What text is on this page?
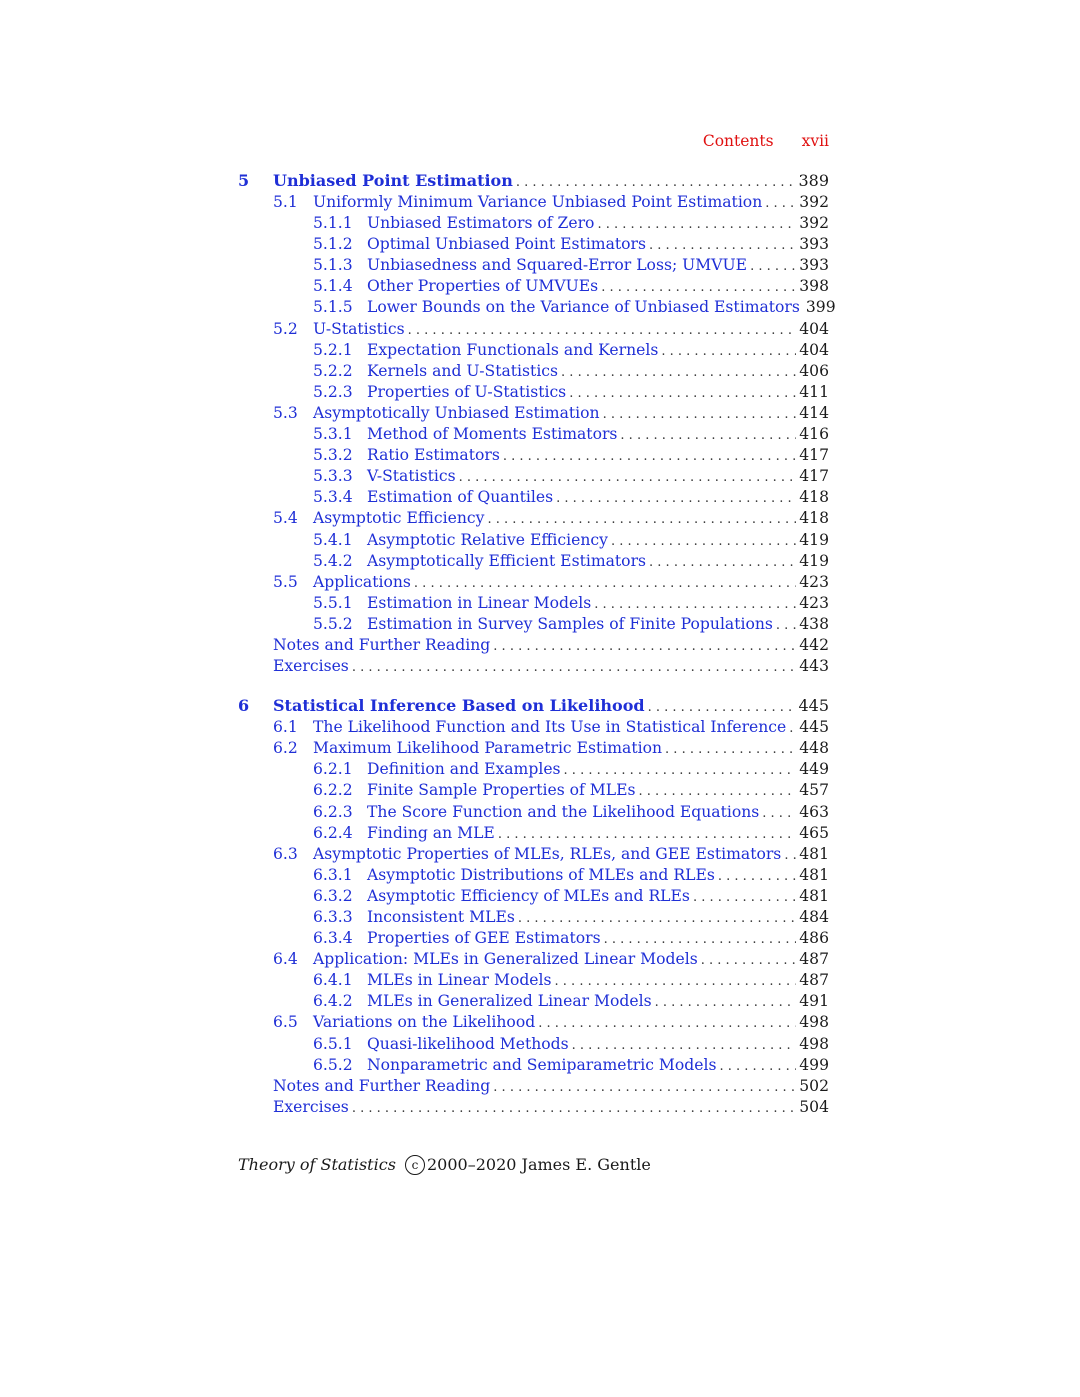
Contents xvii
5	Unbiased Point Estimation . . .	389
5.1 Uniformly Minimum Variance Unbiased Point Estimation . . . 392
5.1.1 Unbiased Estimators of Zero . . .	392
5.1.2 Optimal Unbiased Point Estimators . . .	393
5.1.3 Unbiasedness and Squared-Error Loss; UMVUE . . .	393
5.1.4 Other Properties of UMVUEs . . .	398
5.1.5 Lower Bounds on the Variance of Unbiased Estimators 399
5.2 U-Statistics . . .	404
5.2.1 Expectation Functionals and Kernels . . .	404
5.2.2 Kernels and U-Statistics . . .	406
5.2.3 Properties of U-Statistics . . .	411
5.3 Asymptotically Unbiased Estimation . . .	414
5.3.1 Method of Moments Estimators . . .	416
5.3.2 Ratio Estimators . . .	417
5.3.3 V-Statistics . . .	417
5.3.4 Estimation of Quantiles . . .	418
5.4 Asymptotic Efficiency . . .	418
5.4.1 Asymptotic Relative Efficiency . . .	419
5.4.2 Asymptotically Efficient Estimators . . .	419
5.5 Applications . . .	423
5.5.1 Estimation in Linear Models . . .	423
5.5.2 Estimation in Survey Samples of Finite Populations . . . 438
Notes and Further Reading . . .	442
Exercises . . .	443
6	Statistical Inference Based on Likelihood . . .	445
6.1 The Likelihood Function and Its Use in Statistical Inference . . . 445
6.2 Maximum Likelihood Parametric Estimation . . .	448
6.2.1 Definition and Examples . . .	449
6.2.2 Finite Sample Properties of MLEs . . .	457
6.2.3 The Score Function and the Likelihood Equations . . .	463
6.2.4 Finding an MLE . . .	465
6.3 Asymptotic Properties of MLEs, RLEs, and GEE Estimators . . . 481
6.3.1 Asymptotic Distributions of MLEs and RLEs . . .	481
6.3.2 Asymptotic Efficiency of MLEs and RLEs . . .	481
6.3.3 Inconsistent MLEs . . .	484
6.3.4 Properties of GEE Estimators . . .	486
6.4 Application: MLEs in Generalized Linear Models . . .	487
6.4.1 MLEs in Linear Models . . .	487
6.4.2 MLEs in Generalized Linear Models . . .	491
6.5 Variations on the Likelihood . . .	498
6.5.1 Quasi-likelihood Methods . . .	498
6.5.2 Nonparametric and Semiparametric Models . . .	499
Notes and Further Reading . . .	502
Exercises . . .	504
Theory of Statistics c 2000–2020 James E. Gentle
